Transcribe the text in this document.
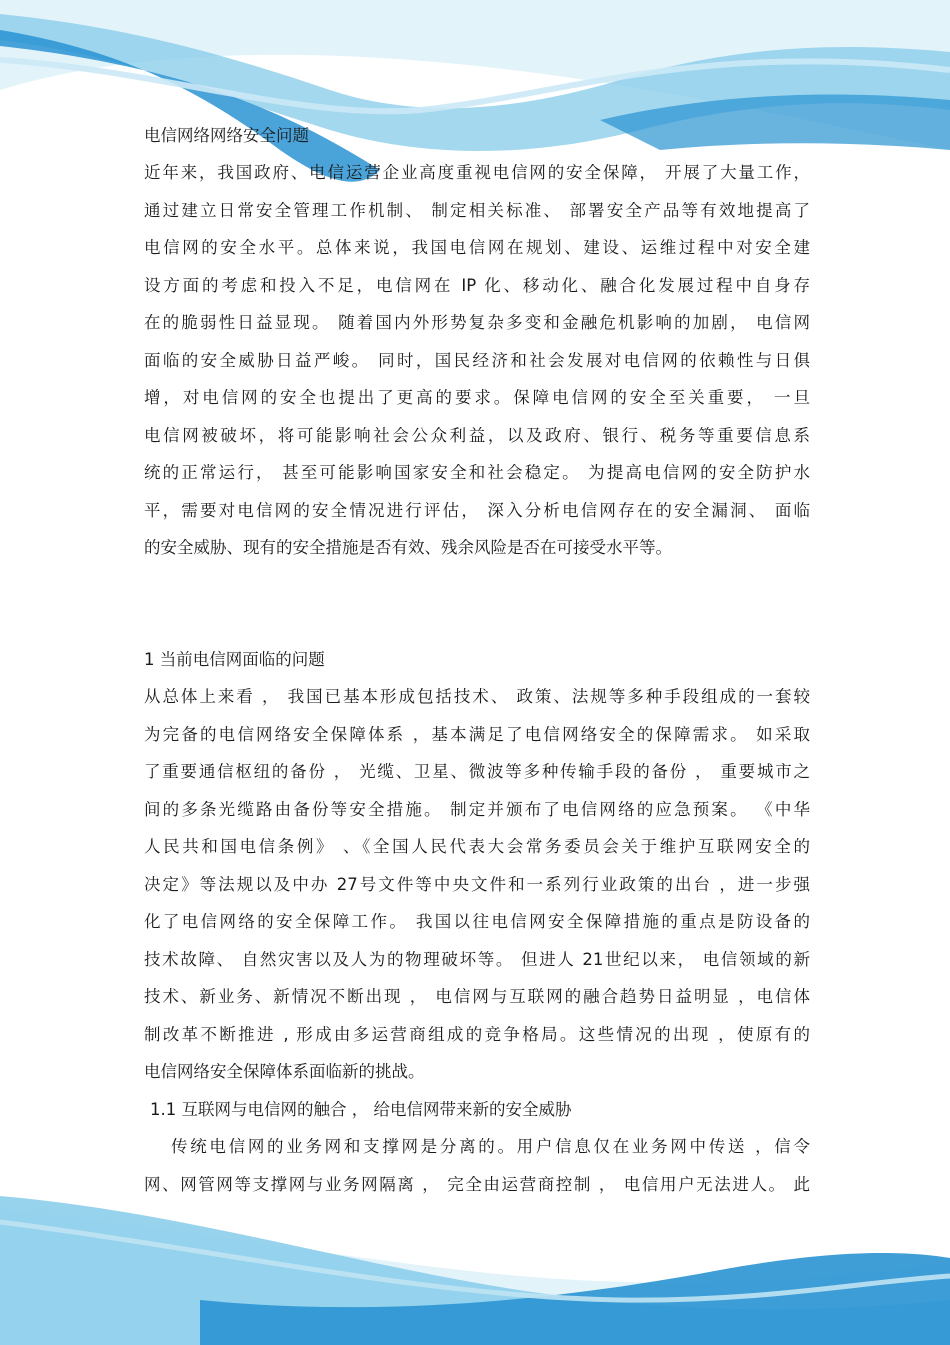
电信网络网络安全问题
近年来，我国政府、电信运营企业高度重视电信网的安全保障， 开展了大量工作，
通过建立日常安全管理工作机制、 制定相关标准、 部署安全产品等有效地提高了
电信网的安全水平。总体来说，我国电信网在规划、建设、运维过程中对安全建
设方面的考虑和投入不足，电信网在 IP 化、移动化、融合化发展过程中自身存
在的脆弱性日益显现。 随着国内外形势复杂多变和金融危机影响的加剧， 电信网
面临的安全威胁日益严峻。 同时，国民经济和社会发展对电信网的依赖性与日俱
增，对电信网的安全也提出了更高的要求。保障电信网的安全至关重要， 一旦
电信网被破坏，将可能影响社会公众利益，以及政府、银行、税务等重要信息系
统的正常运行， 甚至可能影响国家安全和社会稳定。 为提高电信网的安全防护水
平，需要对电信网的安全情况进行评估， 深入分析电信网存在的安全漏洞、 面临
的安全威胁、现有的安全措施是否有效、残余风险是否在可接受水平等。
1 当前电信网面临的问题
从总体上来看 ， 我国已基本形成包括技术、 政策、法规等多种手段组成的一套较
为完备的电信网络安全保障体系 ，基本满足了电信网络安全的保障需求。 如采取
了重要通信枢纽的备份 ， 光缆、卫星、微波等多种传输手段的备份 ， 重要城市之
间的多条光缆路由备份等安全措施。 制定并颁布了电信网络的应急预案。 《中华
人民共和国电信条例》 、《全国人民代表大会常务委员会关于维护互联网安全的
决定》等法规以及中办 27号文件等中央文件和一系列行业政策的出台 ，进一步强
化了电信网络的安全保障工作。 我国以往电信网安全保障措施的重点是防设备的
技术故障、 自然灾害以及人为的物理破坏等。 但进人 21世纪以来， 电信领域的新
技术、新业务、新情况不断出现 ， 电信网与互联网的融合趋势日益明显 ，电信体
制改革不断推进 , 形成由多运营商组成的竞争格局。这些情况的出现 ，使原有的
电信网络安全保障体系面临新的挑战。
1.1 互联网与电信网的触合 ， 给电信网带来新的安全威胁
传统电信网的业务网和支撑网是分离的。用户信息仅在业务网中传送 ，信令
网、网管网等支撑网与业务网隔离 ， 完全由运营商控制 ， 电信用户无法进人。 此
